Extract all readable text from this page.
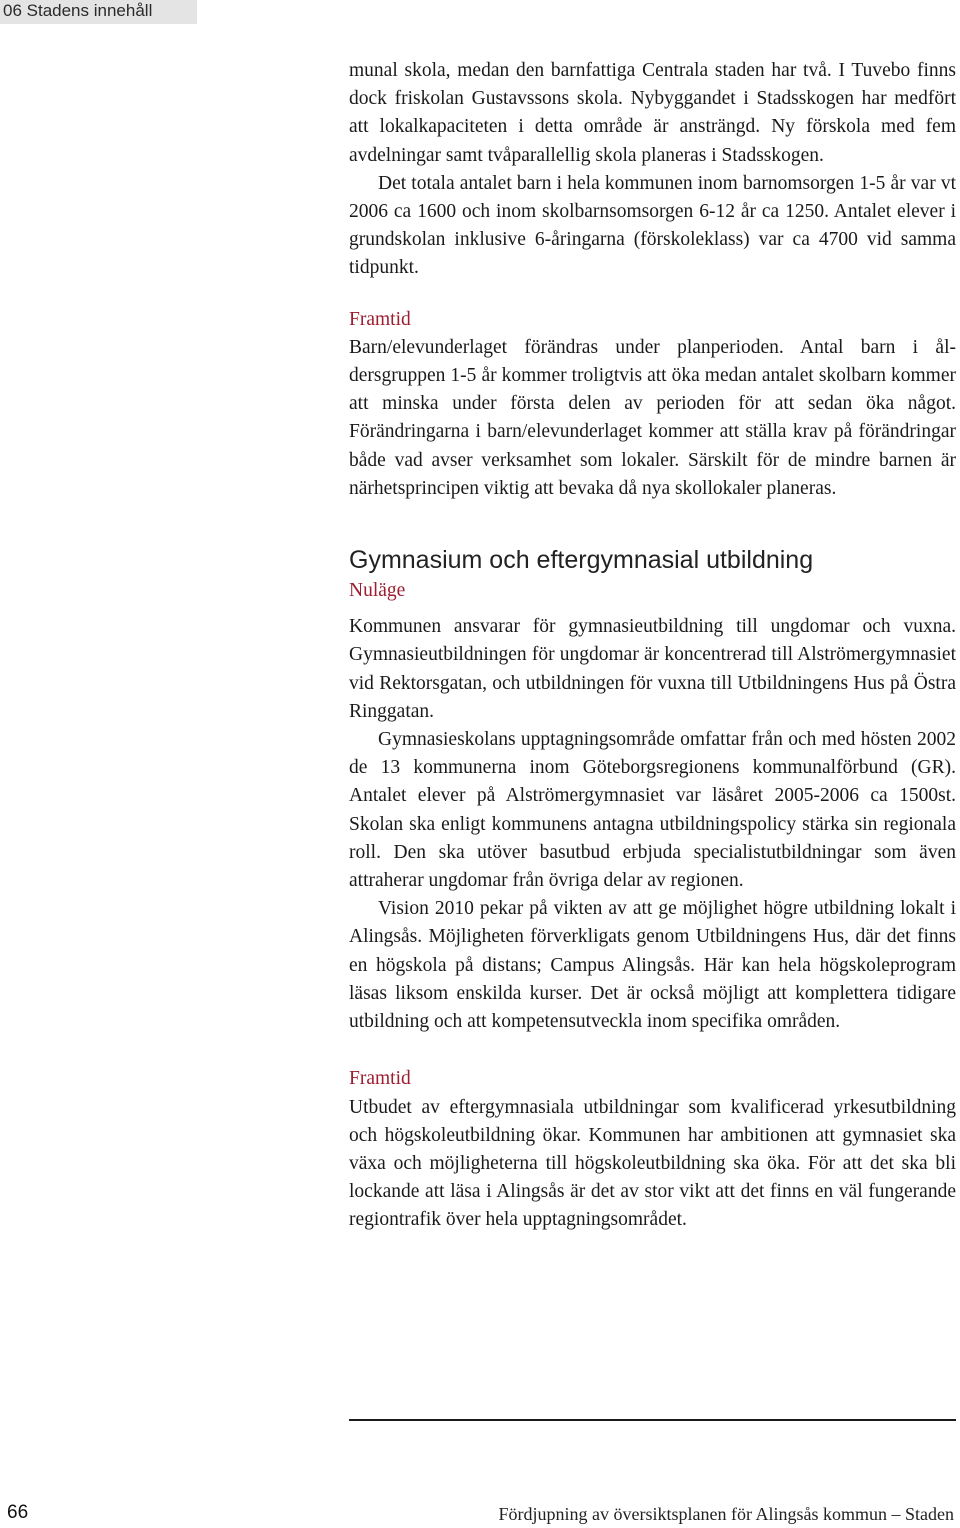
06 Stadens innehåll

munal skola, medan den barnfattiga Centrala staden har två. I Tuvebo finns dock friskolan Gustavssons skola. Nybyggandet i Stadsskogen har medfört att lokalkapaciteten i detta område är ansträngd. Ny förskola med fem avdelningar samt tvåparallellig skola planeras i Stadsskogen.

Det totala antalet barn i hela kommunen inom barnomsorgen 1-5 år var vt 2006 ca 1600 och inom skolbarnsomsorgen 6-12 år ca 1250. Antalet elever i grundskolan inklusive 6-åringarna (förskoleklass) var ca 4700 vid samma tidpunkt.

Framtid

Barn/elevunderlaget förändras under planperioden. Antal barn i åldersgruppen 1-5 år kommer troligtvis att öka medan antalet skolbarn kommer att minska under första delen av perioden för att sedan öka något. Förändringarna i barn/elevunderlaget kommer att ställa krav på förändringar både vad avser verksamhet som lokaler. Särskilt för de mindre barnen är närhetsprincipen viktig att bevaka då nya skollokaler planeras.

Gymnasium och eftergymnasial utbildning

Nuläge

Kommunen ansvarar för gymnasieutbildning till ungdomar och vuxna. Gymnasieutbildningen för ungdomar är koncentrerad till Alströmergymnasiet vid Rektorsgatan, och utbildningen för vuxna till Utbildningens Hus på Östra Ringgatan.

Gymnasieskolans upptagningsområde omfattar från och med hösten 2002 de 13 kommunerna inom Göteborgsregionens kommunalförbund (GR). Antalet elever på Alströmergymnasiet var läsåret 2005-2006 ca 1500st. Skolan ska enligt kommunens antagna utbildningspolicy stärka sin regionala roll. Den ska utöver basutbud erbjuda specialistutbildningar som även attraherar ungdomar från övriga delar av regionen.

Vision 2010 pekar på vikten av att ge möjlighet högre utbildning lokalt i Alingsås. Möjligheten förverkligats genom Utbildningens Hus, där det finns en högskola på distans; Campus Alingsås. Här kan hela högskoleprogram läsas liksom enskilda kurser. Det är också möjligt att komplettera tidigare utbildning och att kompetensutveckla inom specifika områden.

Framtid

Utbudet av eftergymnasiala utbildningar som kvalificerad yrkesutbildning och högskoleutbildning ökar. Kommunen har ambitionen att gymnasiet ska växa och möjligheterna till högskoleutbildning ska öka. För att det ska bli lockande att läsa i Alingsås är det av stor vikt att det finns en väl fungerande regiontrafik över hela upptagningsområdet.

66	Fördjupning av översiktsplanen för Alingsås kommun – Staden
